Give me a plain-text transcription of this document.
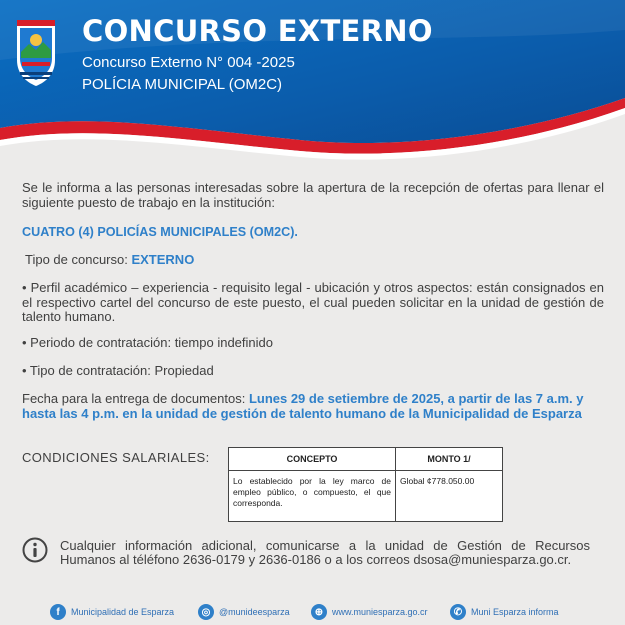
CONCURSO EXTERNO
Concurso Externo N° 004 -2025
POLÍCIA MUNICIPAL (OM2C)
Se le informa a las personas interesadas sobre la apertura de la recepción de ofertas para llenar el siguiente puesto de trabajo en la institución:
CUATRO (4) POLICÍAS MUNICIPALES (OM2C).
Tipo de concurso: EXTERNO
• Perfil académico – experiencia - requisito legal - ubicación y otros aspectos: están consignados en el respectivo cartel del concurso de este puesto, el cual pueden solicitar en la unidad de gestión de talento humano.
• Periodo de contratación: tiempo indefinido
• Tipo de contratación: Propiedad
Fecha para la entrega de documentos: Lunes 29 de setiembre de 2025, a partir de las 7 a.m. y hasta las 4 p.m. en la unidad de gestión de talento humano de la Municipalidad de Esparza
CONDICIONES SALARIALES:	CONCEPTO	MONTO 1/
Lo establecido por la ley marco de empleo público, o compuesto, el que corresponda.	Global ¢778.050.00
Cualquier información adicional, comunicarse a la unidad de Gestión de Recursos Humanos al téléfono 2636-0179 y 2636-0186 o a los correos dsosa@muniesparza.go.cr.
f	Municipalidad de Esparza	◎ @munideesparza	⊕ www.muniesparza.go.cr	✆ Muni Esparza informa
